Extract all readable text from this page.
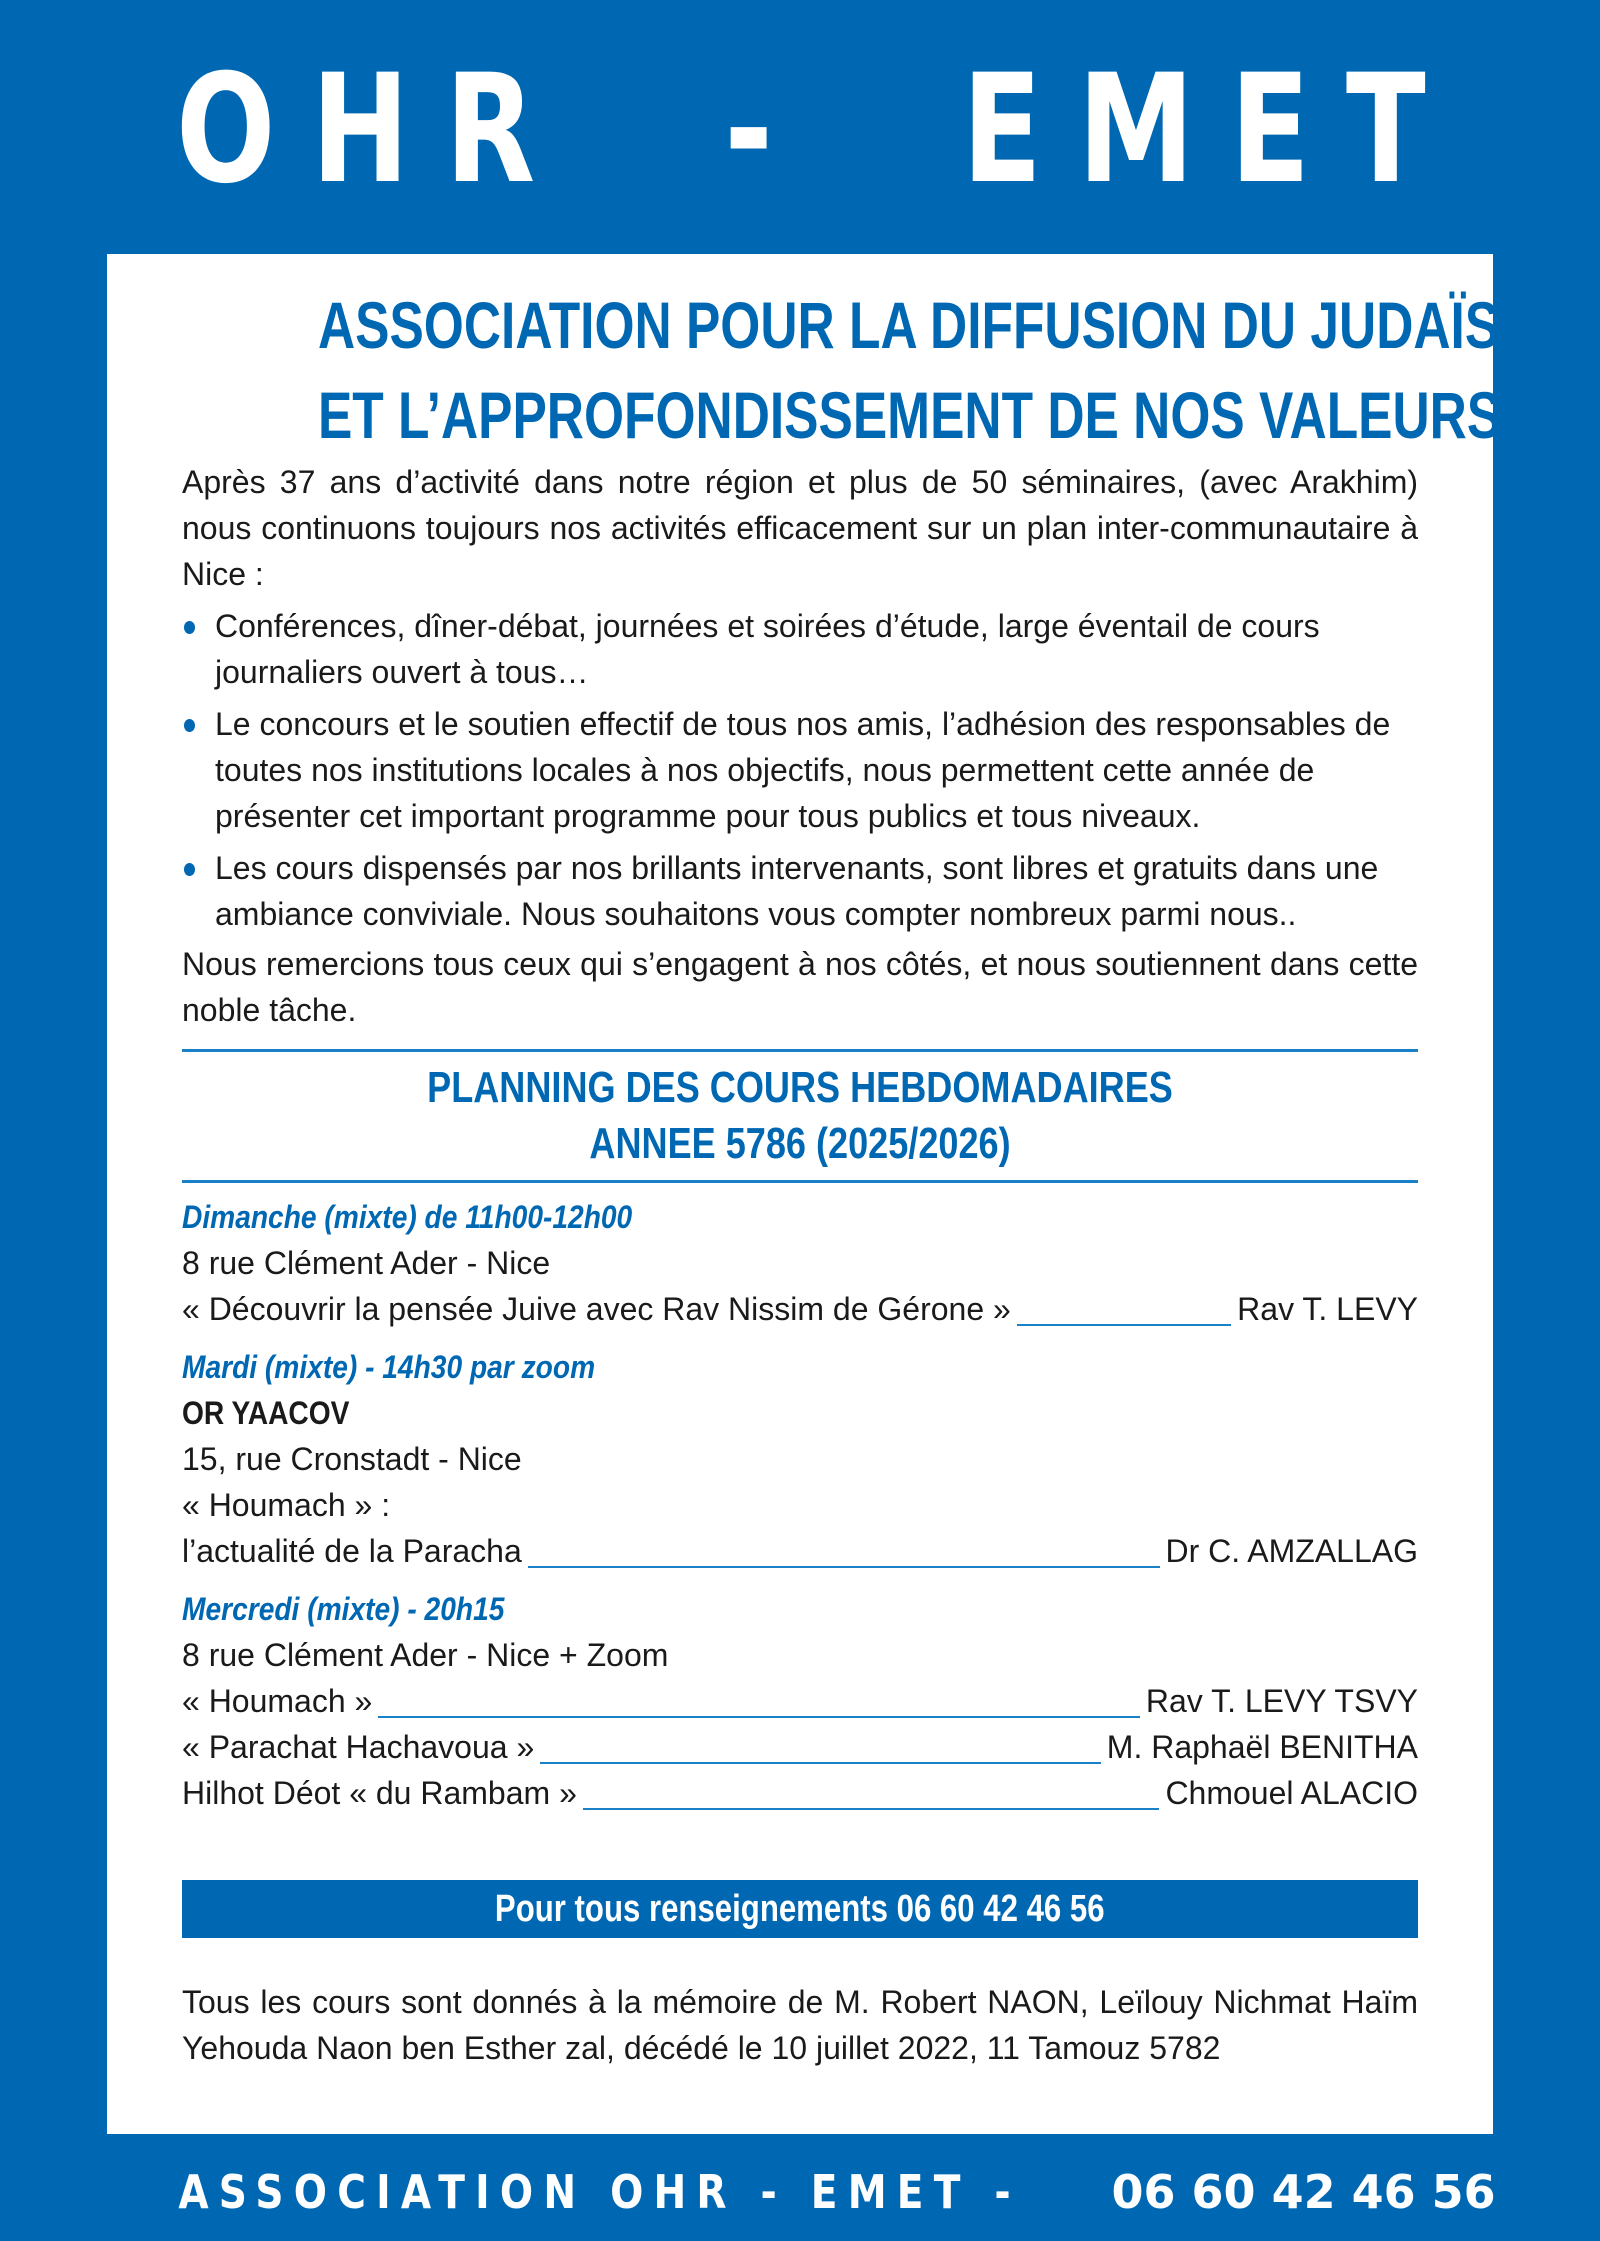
OHR  -  EMET
ASSOCIATION POUR LA DIFFUSION DU JUDAÏSME
ET L’APPROFONDISSEMENT DE NOS VALEURS
Après 37 ans d’activité dans notre région et plus de 50 séminaires, (avec Arakhim) nous continuons toujours nos activités efficacement sur un plan inter-communautaire à Nice :
Conférences, dîner-débat, journées et soirées d’étude, large éventail de cours journaliers ouvert à tous…
Le concours et le soutien effectif de tous nos amis, l’adhésion des responsables de toutes nos institutions locales à nos objectifs, nous permettent cette année de présenter cet important programme pour tous publics et tous niveaux.
Les cours dispensés par nos brillants intervenants, sont libres et gratuits dans une ambiance conviviale. Nous souhaitons vous compter nombreux parmi nous..
Nous remercions tous ceux qui s’engagent à nos côtés, et nous soutiennent dans cette noble tâche.
PLANNING DES COURS HEBDOMADAIRES
ANNEE 5786 (2025/2026)
Dimanche (mixte) de 11h00-12h00
8 rue Clément Ader - Nice
« Découvrir la pensée Juive avec Rav Nissim de Gérone »	Rav T. LEVY
Mardi (mixte) - 14h30 par zoom
OR YAACOV
15, rue Cronstadt - Nice
« Houmach » :
l’actualité de la Paracha	Dr C. AMZALLAG
Mercredi (mixte) - 20h15
8 rue Clément Ader - Nice + Zoom
« Houmach »	Rav T. LEVY TSVY
« Parachat Hachavoua »	M. Raphaël BENITHA
Hilhot Déot « du Rambam »	Chmouel ALACIO
Pour tous renseignements 06 60 42 46 56
Tous les cours sont donnés à la mémoire de M. Robert NAON, Leïlouy Nichmat Haïm Yehouda Naon ben Esther zal, décédé le 10 juillet 2022, 11 Tamouz 5782
ASSOCIATION OHR - EMET - 06 60 42 46 56
